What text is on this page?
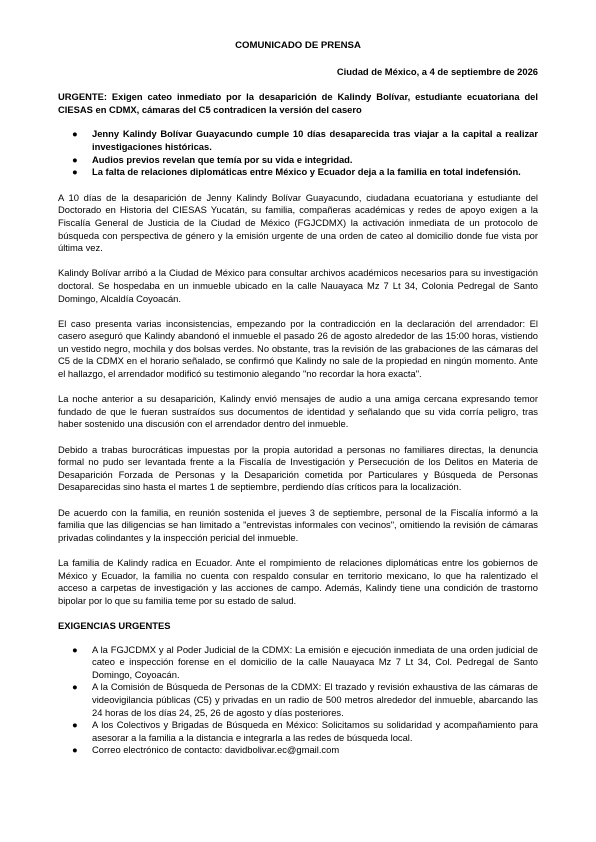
COMUNICADO DE PRENSA
Ciudad de México, a 4 de septiembre de 2026
URGENTE: Exigen cateo inmediato por la desaparición de Kalindy Bolívar, estudiante ecuatoriana del CIESAS en CDMX, cámaras del C5 contradicen la versión del casero
● Jenny Kalindy Bolívar Guayacundo cumple 10 días desaparecida tras viajar a la capital a realizar investigaciones históricas.
● Audios previos revelan que temía por su vida e integridad.
● La falta de relaciones diplomáticas entre México y Ecuador deja a la familia en total indefensión.

A 10 días de la desaparición de Jenny Kalindy Bolívar Guayacundo, ciudadana ecuatoriana y estudiante del Doctorado en Historia del CIESAS Yucatán, su familia, compañeras académicas y redes de apoyo exigen a la Fiscalía General de Justicia de la Ciudad de México (FGJCDMX) la activación inmediata de un protocolo de búsqueda con perspectiva de género y la emisión urgente de una orden de cateo al domicilio donde fue vista por última vez.

Kalindy Bolívar arribó a la Ciudad de México para consultar archivos académicos necesarios para su investigación doctoral. Se hospedaba en un inmueble ubicado en la calle Nauayaca Mz 7 Lt 34, Colonia Pedregal de Santo Domingo, Alcaldía Coyoacán.

El caso presenta varias inconsistencias, empezando por la contradicción en la declaración del arrendador: El casero aseguró que Kalindy abandonó el inmueble el pasado 26 de agosto alrededor de las 15:00 horas, vistiendo un vestido negro, mochila y dos bolsas verdes. No obstante, tras la revisión de las grabaciones de las cámaras del C5 de la CDMX en el horario señalado, se confirmó que Kalindy no sale de la propiedad en ningún momento. Ante el hallazgo, el arrendador modificó su testimonio alegando "no recordar la hora exacta".

La noche anterior a su desaparición, Kalindy envió mensajes de audio a una amiga cercana expresando temor fundado de que le fueran sustraídos sus documentos de identidad y señalando que su vida corría peligro, tras haber sostenido una discusión con el arrendador dentro del inmueble.

Debido a trabas burocráticas impuestas por la propia autoridad a personas no familiares directas, la denuncia formal no pudo ser levantada frente a la Fiscalía de Investigación y Persecución de los Delitos en Materia de Desaparición Forzada de Personas y la Desaparición cometida por Particulares y Búsqueda de Personas Desaparecidas sino hasta el martes 1 de septiembre, perdiendo días críticos para la localización.

De acuerdo con la familia, en reunión sostenida el jueves 3 de septiembre, personal de la Fiscalía informó a la familia que las diligencias se han limitado a "entrevistas informales con vecinos", omitiendo la revisión de cámaras privadas colindantes y la inspección pericial del inmueble.

La familia de Kalindy radica en Ecuador. Ante el rompimiento de relaciones diplomáticas entre los gobiernos de México y Ecuador, la familia no cuenta con respaldo consular en territorio mexicano, lo que ha ralentizado el acceso a carpetas de investigación y las acciones de campo. Además, Kalindy tiene una condición de trastorno bipolar por lo que su familia teme por su estado de salud.

EXIGENCIAS URGENTES
● A la FGJCDMX y al Poder Judicial de la CDMX: La emisión e ejecución inmediata de una orden judicial de cateo e inspección forense en el domicilio de la calle Nauayaca Mz 7 Lt 34, Col. Pedregal de Santo Domingo, Coyoacán.
● A la Comisión de Búsqueda de Personas de la CDMX: El trazado y revisión exhaustiva de las cámaras de videovigilancia públicas (C5) y privadas en un radio de 500 metros alrededor del inmueble, abarcando las 24 horas de los días 24, 25, 26 de agosto y días posteriores.
● A los Colectivos y Brigadas de Búsqueda en México: Solicitamos su solidaridad y acompañamiento para asesorar a la familia a la distancia e integrarla a las redes de búsqueda local.
● Correo electrónico de contacto: davidbolivar.ec@gmail.com
